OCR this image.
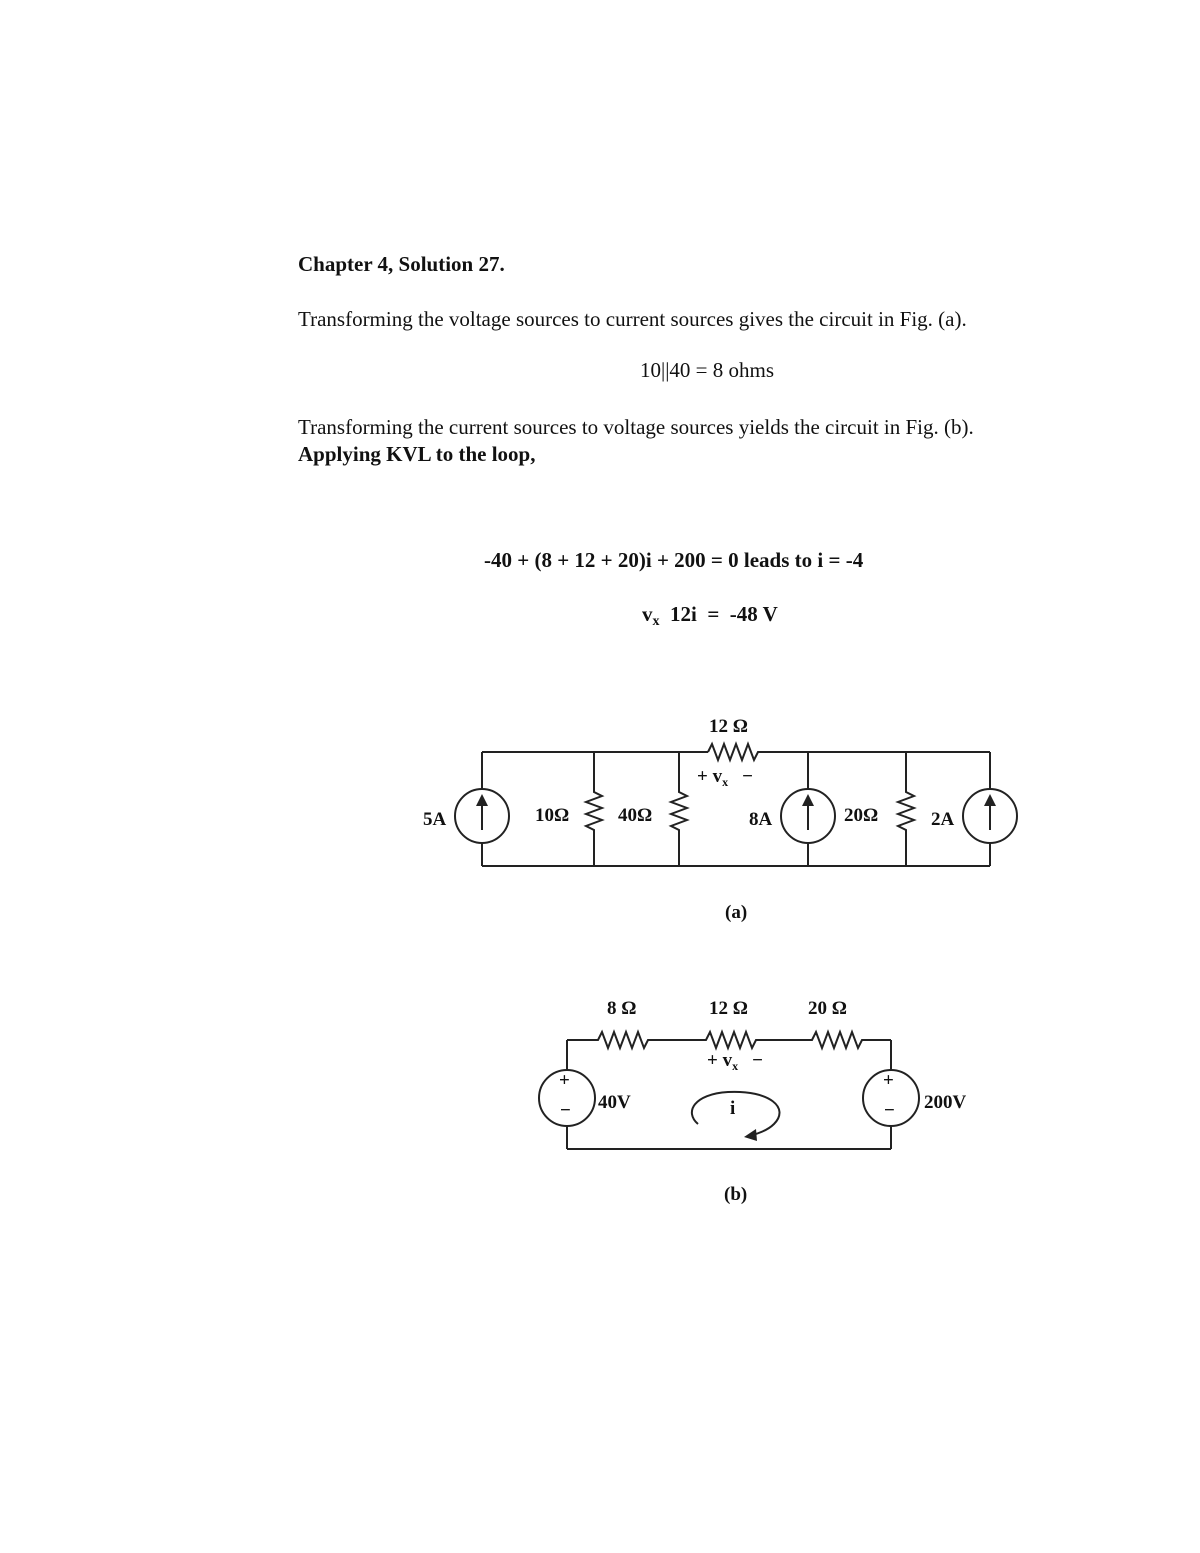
Chapter 4, Solution 27.
Transforming the voltage sources to current sources gives the circuit in Fig. (a).
10||40 = 8 ohms
Transforming the current sources to voltage sources yields the circuit in Fig. (b).
Applying KVL to the loop,
-40 + (8 + 12 + 20)i + 200 = 0 leads to i = -4
$v_x$  12i  =  -48 V
12 Ω
+ $v_x$ −
5A	10Ω	40Ω	8A	20Ω	2A
(a)
+
−
+
−
8 Ω	12 Ω	20 Ω
+ $v_x$ −
40V	200V
i
(b)
